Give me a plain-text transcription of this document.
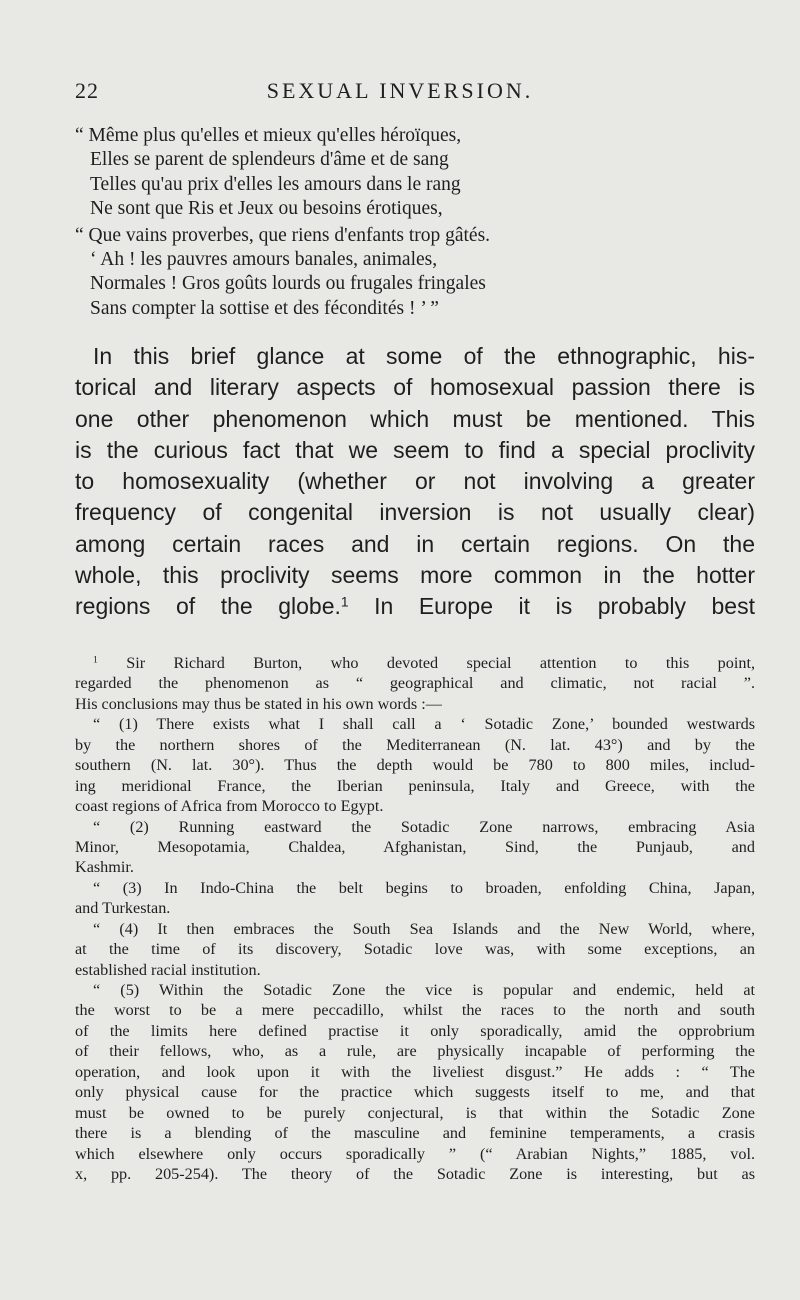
22	SEXUAL INVERSION.
“ Même plus qu'elles et mieux qu'elles héroïques,
Elles se parent de splendeurs d'âme et de sang
Telles qu'au prix d'elles les amours dans le rang
Ne sont que Ris et Jeux ou besoins érotiques,
“ Que vains proverbes, que riens d'enfants trop gâtés.
‘ Ah ! les pauvres amours banales, animales,
Normales ! Gros goûts lourds ou frugales fringales
Sans compter la sottise et des fécondités ! ’ ”
In this brief glance at some of the ethnographic, his-
torical and literary aspects of homosexual passion there is
one other phenomenon which must be mentioned. This
is the curious fact that we seem to find a special proclivity
to homosexuality (whether or not involving a greater
frequency of congenital inversion is not usually clear)
among certain races and in certain regions. On the
whole, this proclivity seems more common in the hotter
regions of the globe.$^1$ In Europe it is probably best
$^1$ Sir Richard Burton, who devoted special attention to this point,
regarded the phenomenon as “ geographical and climatic, not racial ”.
His conclusions may thus be stated in his own words :—
“ (1) There exists what I shall call a ‘ Sotadic Zone,’ bounded westwards
by the northern shores of the Mediterranean (N. lat. 43°) and by the
southern (N. lat. 30°). Thus the depth would be 780 to 800 miles, includ-
ing meridional France, the Iberian peninsula, Italy and Greece, with the
coast regions of Africa from Morocco to Egypt.
“ (2) Running eastward the Sotadic Zone narrows, embracing Asia
Minor, Mesopotamia, Chaldea, Afghanistan, Sind, the Punjaub, and
Kashmir.
“ (3) In Indo-China the belt begins to broaden, enfolding China, Japan,
and Turkestan.
“ (4) It then embraces the South Sea Islands and the New World, where,
at the time of its discovery, Sotadic love was, with some exceptions, an
established racial institution.
“ (5) Within the Sotadic Zone the vice is popular and endemic, held at
the worst to be a mere peccadillo, whilst the races to the north and south
of the limits here defined practise it only sporadically, amid the opprobrium
of their fellows, who, as a rule, are physically incapable of performing the
operation, and look upon it with the liveliest disgust.” He adds : “ The
only physical cause for the practice which suggests itself to me, and that
must be owned to be purely conjectural, is that within the Sotadic Zone
there is a blending of the masculine and feminine temperaments, a crasis
which elsewhere only occurs sporadically ” (“ Arabian Nights,” 1885, vol.
x, pp. 205-254). The theory of the Sotadic Zone is interesting, but as
